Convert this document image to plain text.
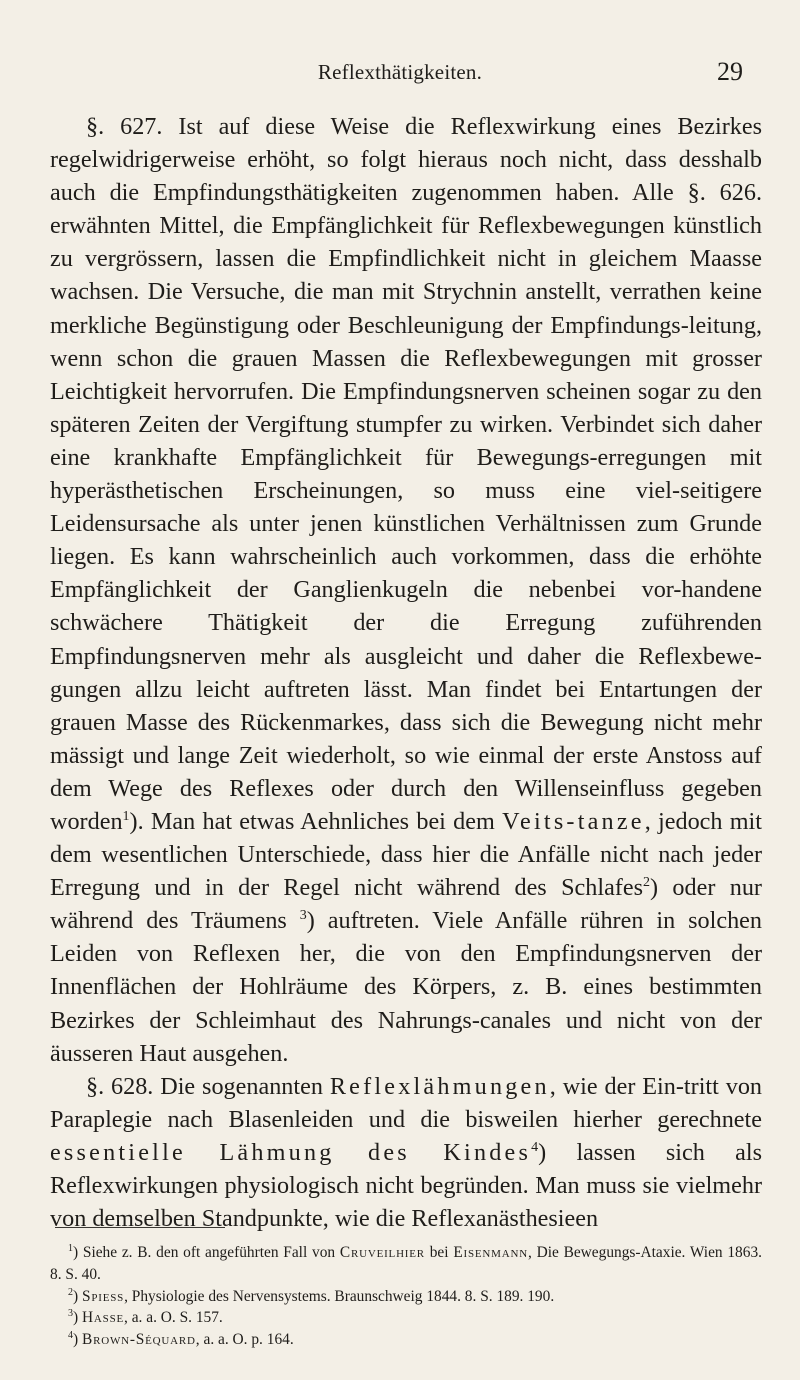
Reflexthätigkeiten.	29

§. 627. Ist auf diese Weise die Reflexwirkung eines Bezirkes regelwidrigerweise erhöht, so folgt hieraus noch nicht, dass desshalb auch die Empfindungsthätigkeiten zugenommen haben. Alle §. 626. erwähnten Mittel, die Empfänglichkeit für Reflexbewegungen künstlich zu vergrössern, lassen die Empfindlichkeit nicht in gleichem Maasse wachsen. Die Versuche, die man mit Strychnin anstellt, verrathen keine merkliche Begünstigung oder Beschleunigung der Empfindungs-leitung, wenn schon die grauen Massen die Reflexbewegungen mit grosser Leichtigkeit hervorrufen. Die Empfindungsnerven scheinen sogar zu den späteren Zeiten der Vergiftung stumpfer zu wirken. Verbindet sich daher eine krankhafte Empfänglichkeit für Bewegungs-erregungen mit hyperästhetischen Erscheinungen, so muss eine viel-seitigere Leidensursache als unter jenen künstlichen Verhältnissen zum Grunde liegen. Es kann wahrscheinlich auch vorkommen, dass die erhöhte Empfänglichkeit der Ganglienkugeln die nebenbei vor-handene schwächere Thätigkeit der die Erregung zuführenden Empfindungsnerven mehr als ausgleicht und daher die Reflexbewe-gungen allzu leicht auftreten lässt. Man findet bei Entartungen der grauen Masse des Rückenmarkes, dass sich die Bewegung nicht mehr mässigt und lange Zeit wiederholt, so wie einmal der erste Anstoss auf dem Wege des Reflexes oder durch den Willenseinfluss gegeben worden$^1$). Man hat etwas Aehnliches bei dem Veits-tanze, jedoch mit dem wesentlichen Unterschiede, dass hier die Anfälle nicht nach jeder Erregung und in der Regel nicht während des Schlafes$^2$) oder nur während des Träumens $^3$) auftreten. Viele Anfälle rühren in solchen Leiden von Reflexen her, die von den Empfindungsnerven der Innenflächen der Hohlräume des Körpers, z. B. eines bestimmten Bezirkes der Schleimhaut des Nahrungs-canales und nicht von der äusseren Haut ausgehen.

§. 628. Die sogenannten Reflexlähmungen, wie der Ein-tritt von Paraplegie nach Blasenleiden und die bisweilen hierher gerechnete essentielle Lähmung des Kindes$^4$) lassen sich als Reflexwirkungen physiologisch nicht begründen. Man muss sie vielmehr von demselben Standpunkte, wie die Reflexanästhesieen

$^1$) Siehe z. B. den oft angeführten Fall von Cruveilhier bei Eisenmann, Die Bewegungs-Ataxie. Wien 1863. 8. S. 40.

$^2$) Spiess, Physiologie des Nervensystems. Braunschweig 1844. 8. S. 189. 190.

$^3$) Hasse, a. a. O. S. 157.

$^4$) Brown-Séquard, a. a. O. p. 164.
